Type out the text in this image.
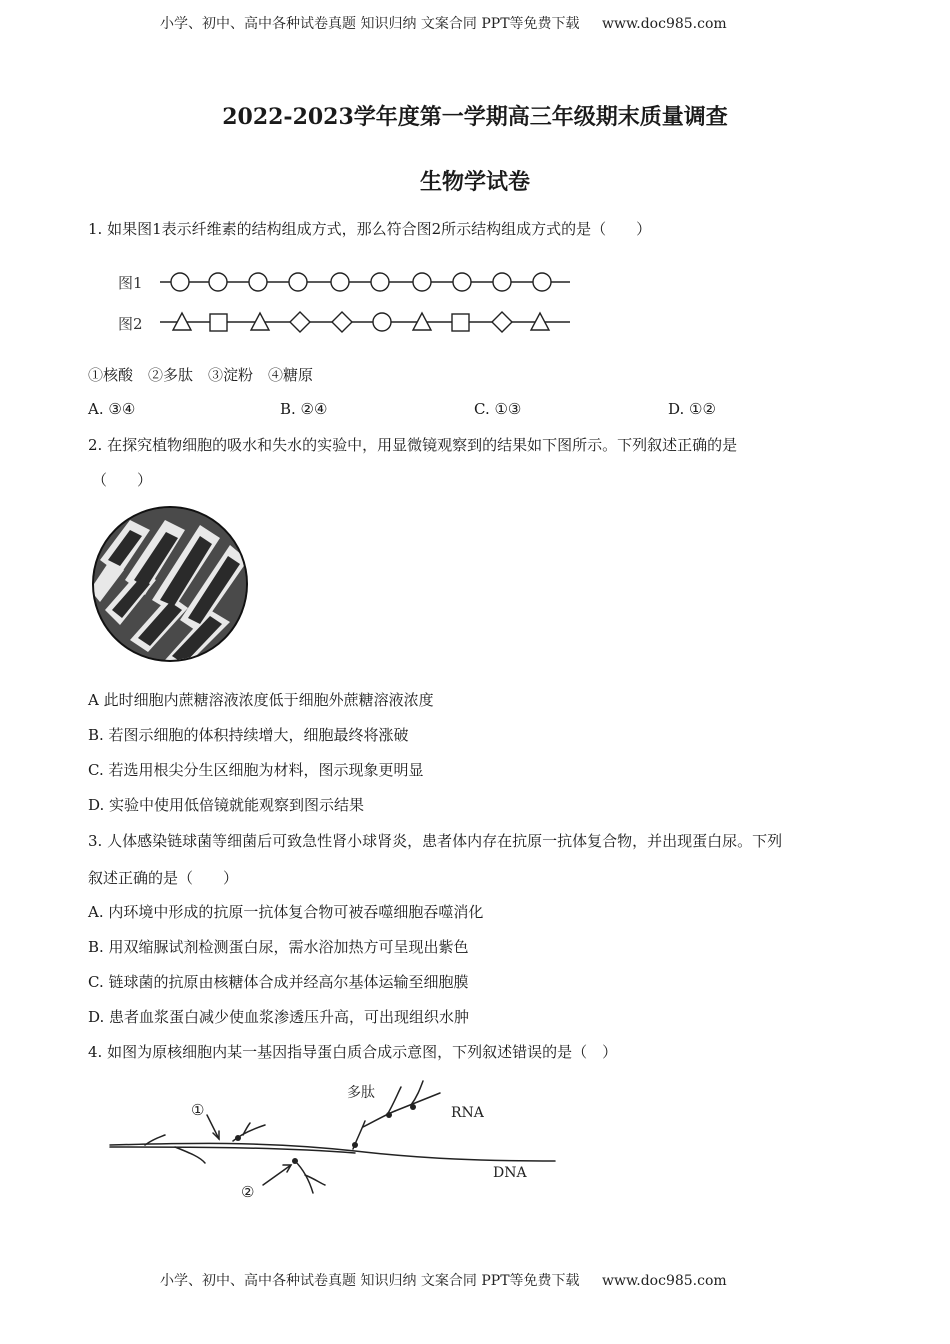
小学、初中、高中各种试卷真题 知识归纳 文案合同 PPT等免费下载 www.doc985.com
2022-2023学年度第一学期高三年级期末质量调查
生物学试卷
1. 如果图1表示纤维素的结构组成方式，那么符合图2所示结构组成方式的是（　　）
图1
图2
①核酸　②多肽　③淀粉　④糖原
A. ③④	B. ②④	C. ①③	D. ①②
2. 在探究植物细胞的吸水和失水的实验中，用显微镜观察到的结果如下图所示。下列叙述正确的是
（　　）
A 此时细胞内蔗糖溶液浓度低于细胞外蔗糖溶液浓度
B. 若图示细胞的体积持续增大，细胞最终将涨破
C. 若选用根尖分生区细胞为材料，图示现象更明显
D. 实验中使用低倍镜就能观察到图示结果
3. 人体感染链球菌等细菌后可致急性肾小球肾炎，患者体内存在抗原一抗体复合物，并出现蛋白尿。下列
叙述正确的是（　　）
A. 内环境中形成的抗原一抗体复合物可被吞噬细胞吞噬消化
B. 用双缩脲试剂检测蛋白尿，需水浴加热方可呈现出紫色
C. 链球菌的抗原由核糖体合成并经高尔基体运输至细胞膜
D. 患者血浆蛋白减少使血浆渗透压升高，可出现组织水肿
4. 如图为原核细胞内某一基因指导蛋白质合成示意图，下列叙述错误的是（　）
①
②
多肽
RNA
DNA
小学、初中、高中各种试卷真题 知识归纳 文案合同 PPT等免费下载 www.doc985.com
